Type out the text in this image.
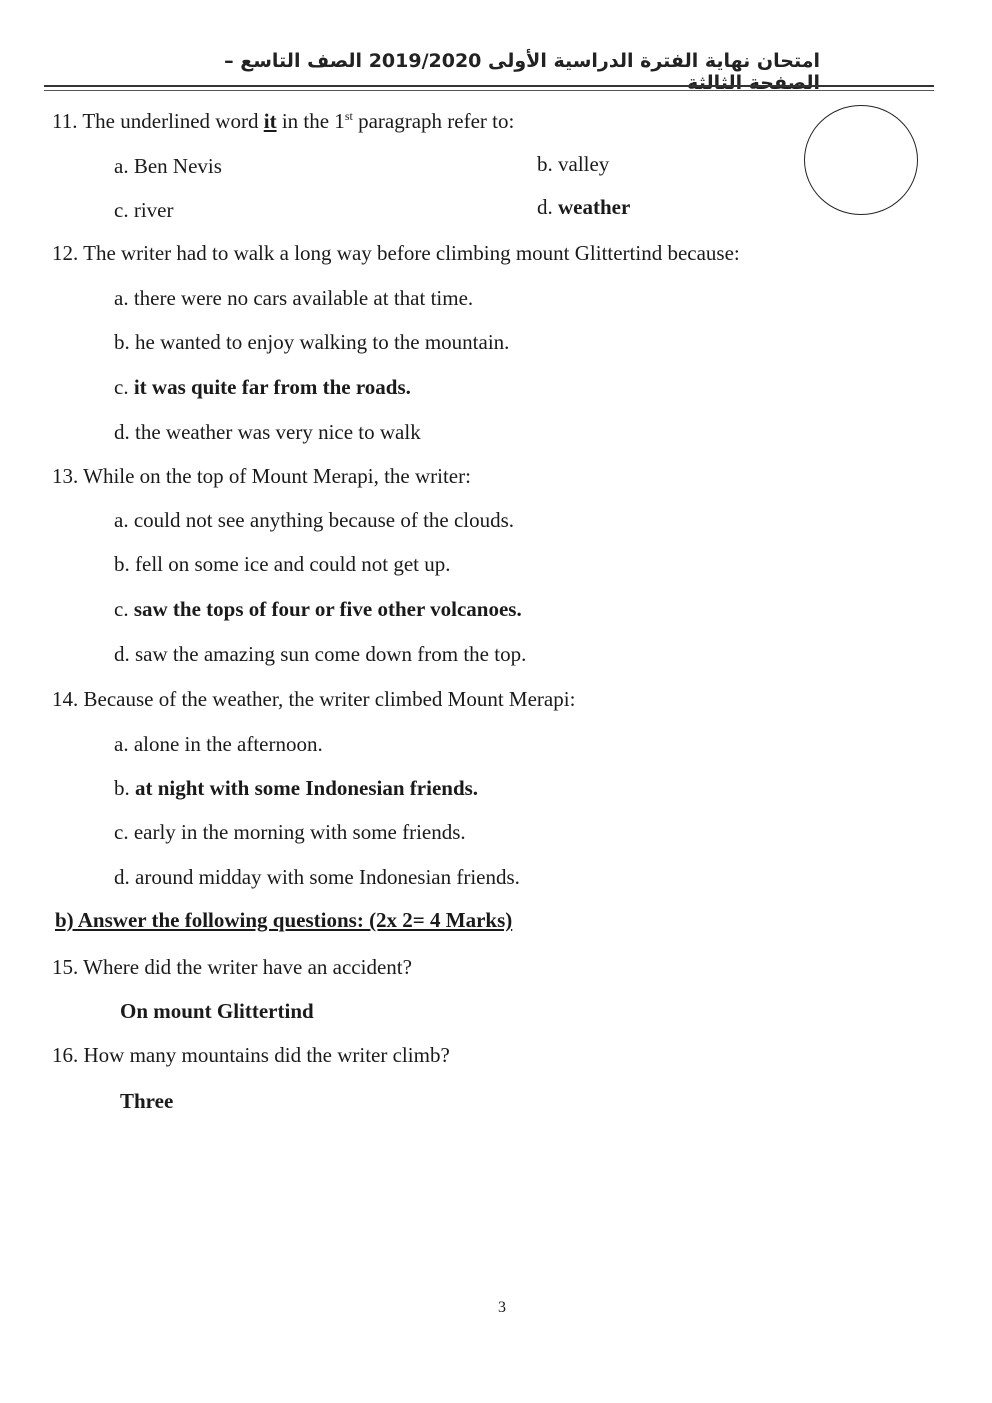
امتحان نهاية الفترة الدراسية الأولى 2019/2020 الصف التاسع – الصفحة الثالثة
11. The underlined word it in the 1st paragraph refer to:
a. Ben Nevis	b. valley
c. river	d. weather
12. The writer had to walk a long way before climbing mount Glittertind because:
a. there were no cars available at that time.
b. he wanted to enjoy walking to the mountain.
c. it was quite far from the roads.
d. the weather was very nice to walk
13. While on the top of Mount Merapi, the writer:
a. could not see anything because of the clouds.
b. fell on some ice and could not get up.
c. saw the tops of four or five other volcanoes.
d. saw the amazing sun come down from the top.
14. Because of the weather, the writer climbed Mount Merapi:
a. alone in the afternoon.
b. at night with some Indonesian friends.
c. early in the morning with some friends.
d. around midday with some Indonesian friends.
b) Answer the following questions: (2x 2= 4 Marks)
15. Where did the writer have an accident?
On mount Glittertind
16. How many mountains did the writer climb?
Three
3
